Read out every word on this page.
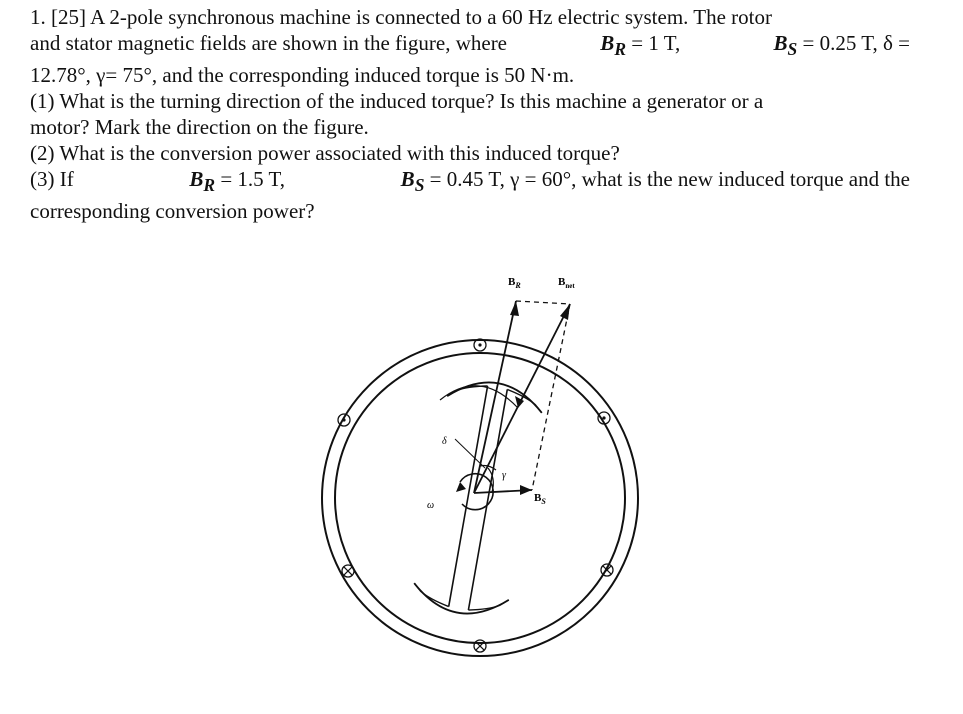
1. [25] A 2-pole synchronous machine is connected to a 60 Hz electric system. The rotor
and stator magnetic fields are shown in the figure, where	$B_R = 1$ T,	$B_S = 0.25$ T, δ =
12.78°, γ= 75°, and the corresponding induced torque is 50 N·m.
(1) What is the turning direction of the induced torque? Is this machine a generator or a
motor? Mark the direction on the figure.
(2) What is the conversion power associated with this induced torque?
(3) If	$B_R = 1.5$ T,	$B_S = 0.45$ T, γ = 60°, what is the new induced torque and the
corresponding conversion power?
$B_R$	$B_{net}$
$B_S$
δ
γ
ω
